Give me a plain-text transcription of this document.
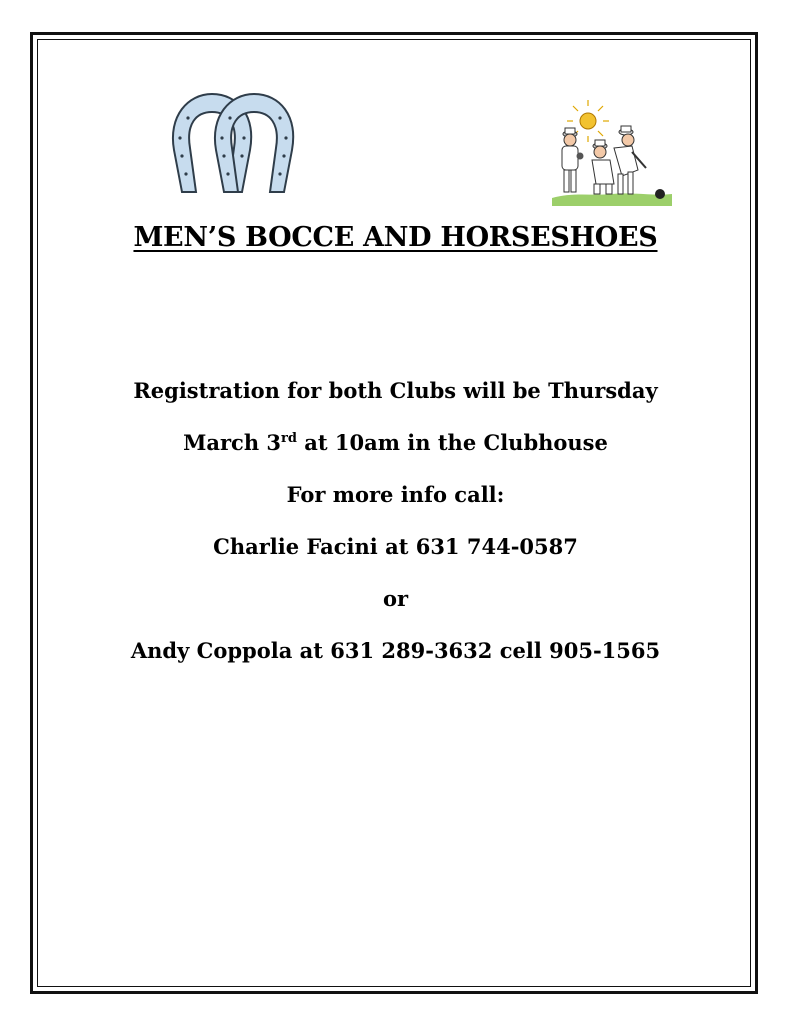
MEN’S BOCCE AND HORSESHOES
Registration for both Clubs will be Thursday
March 3rd at 10am in the Clubhouse
For more info call:
Charlie Facini at 631 744-0587
or
Andy Coppola at 631 289-3632 cell 905-1565
